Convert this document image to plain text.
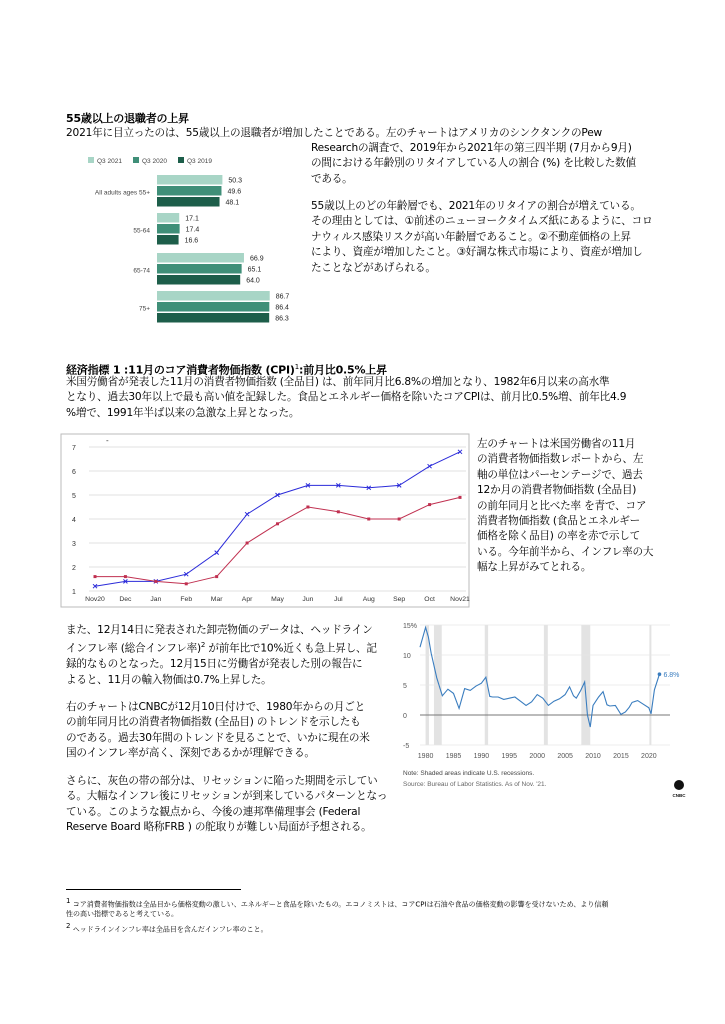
55歳以上の退職者の上昇
2021年に目立ったのは、55歳以上の退職者が増加したことである。左のチャートはアメリカのシンクタンクのPew
Researchの調査で、2019年から2021年の第三四半期 (7月から9月)
の間における年齢別のリタイアしている人の割合 (%) を比較した数値
である。
55歳以上のどの年齢層でも、2021年のリタイアの割合が増えている。
その理由としては、①前述のニューヨークタイムズ紙にあるように、コロ
ナウィルス感染リスクが高い年齢層であること。②不動産価格の上昇
により、資産が増加したこと。③好調な株式市場により、資産が増加し
たことなどがあげられる。
Q3 2021	Q3 2020	Q3 2019
50.3
49.6
48.1
All adults ages 55+
17.1
17.4
16.6
55-64
66.9
65.1
64.0
65-74
86.7
86.4
86.3
75+
経済指標 1 :11月のコア消費者物価指数 (CPI)$^1$:前月比0.5%上昇
米国労働省が発表した11月の消費者物価指数 (全品目) は、前年同月比6.8%の増加となり、1982年6月以来の高水準
となり、過去30年以上で最も高い値を記録した。食品とエネルギー価格を除いたコアCPIは、前月比0.5%増、前年比4.9
%増で、1991年半ば以来の急激な上昇となった。
-
1
2
3
4
5
6
7
Nov20 Dec	Jan	Feb	Mar	Apr	May	Jun	Jul	Aug	Sep	Oct Nov21
左のチャートは米国労働省の11月
の消費者物価指数レポートから、左
軸の単位はパーセンテージで、過去
12か月の消費者物価指数 (全品目)
の前年同月と比べた率 を青で、コア
消費者物価指数 (食品とエネルギー
価格を除く品目) の率を赤で示して
いる。今年前半から、インフレ率の大
幅な上昇がみてとれる。
また、12月14日に発表された卸売物価のデータは、ヘッドライン
インフレ率 (総合インフレ率)$^2$ が前年比で10%近くも急上昇し、記
録的なものとなった。12月15日に労働省が発表した別の報告に
よると、11月の輸入物価は0.7%上昇した。
右のチャートはCNBCが12月10日付けで、1980年からの月ごと
の前年同月比の消費者物価指数 (全品目) のトレンドを示したも
のである。過去30年間のトレンドを見ることで、いかに現在の米
国のインフレ率が高く、深刻であるかが理解できる。
さらに、灰色の帯の部分は、リセッションに陥った期間を示してい
る。大幅なインフレ後にリセッションが到来しているパターンとなっ
ている。このような観点から、今後の連邦準備理事会 (Federal
Reserve Board 略称FRB ) の舵取りが難しい局面が予想される。
15%
10
5
0
-5
1980 1985 1990 1995 2000 2005 2010 2015 2020
6.8%
Note: Shaded areas indicate U.S. recessions.
Source: Bureau of Labor Statistics. As of Nov. '21.
CNBC
$^1$ コア消費者物価指数は全品目から価格変動の激しい、エネルギーと食品を除いたもの。エコノミストは、コアCPIは石油や食品の価格変動の影響を受けないため、より信頼
性の高い指標であると考えている。
$^2$ ヘッドラインインフレ率は全品目を含んだインフレ率のこと。
